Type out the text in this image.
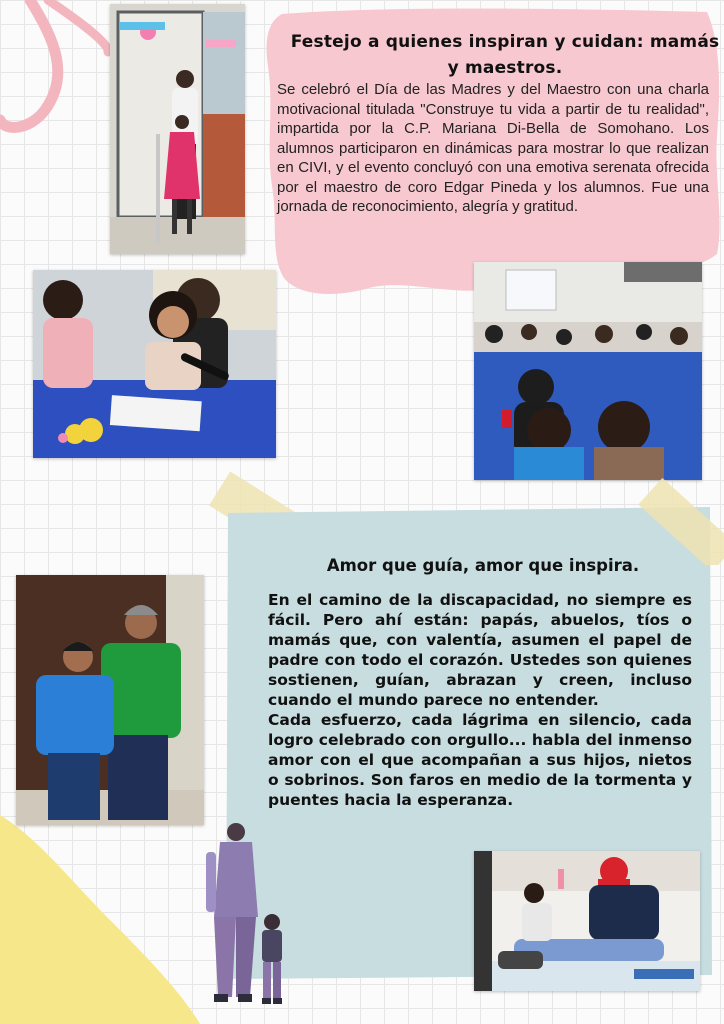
Festejo a quienes inspiran y cuidan: mamás y maestros.
Se celebró el Día de las Madres y del Maestro con una charla motivacional titulada "Construye tu vida a partir de tu realidad", impartida por la C.P. Mariana Di-Bella de Somohano. Los alumnos participaron en dinámicas para mostrar lo que realizan en CIVI, y el evento concluyó con una emotiva serenata ofrecida por el maestro de coro Edgar Pineda y los alumnos. Fue una jornada de reconocimiento, alegría y gratitud.
Amor que guía, amor que inspira.

En el camino de la discapacidad, no siempre es fácil. Pero ahí están: papás, abuelos, tíos o mamás que, con valentía, asumen el papel de padre con todo el corazón. Ustedes son quienes sostienen, guían, abrazan y creen, incluso cuando el mundo parece no entender.

Cada esfuerzo, cada lágrima en silencio, cada logro celebrado con orgullo... habla del inmenso amor con el que acompañan a sus hijos, nietos o sobrinos. Son faros en medio de la tormenta y puentes hacia la esperanza.
